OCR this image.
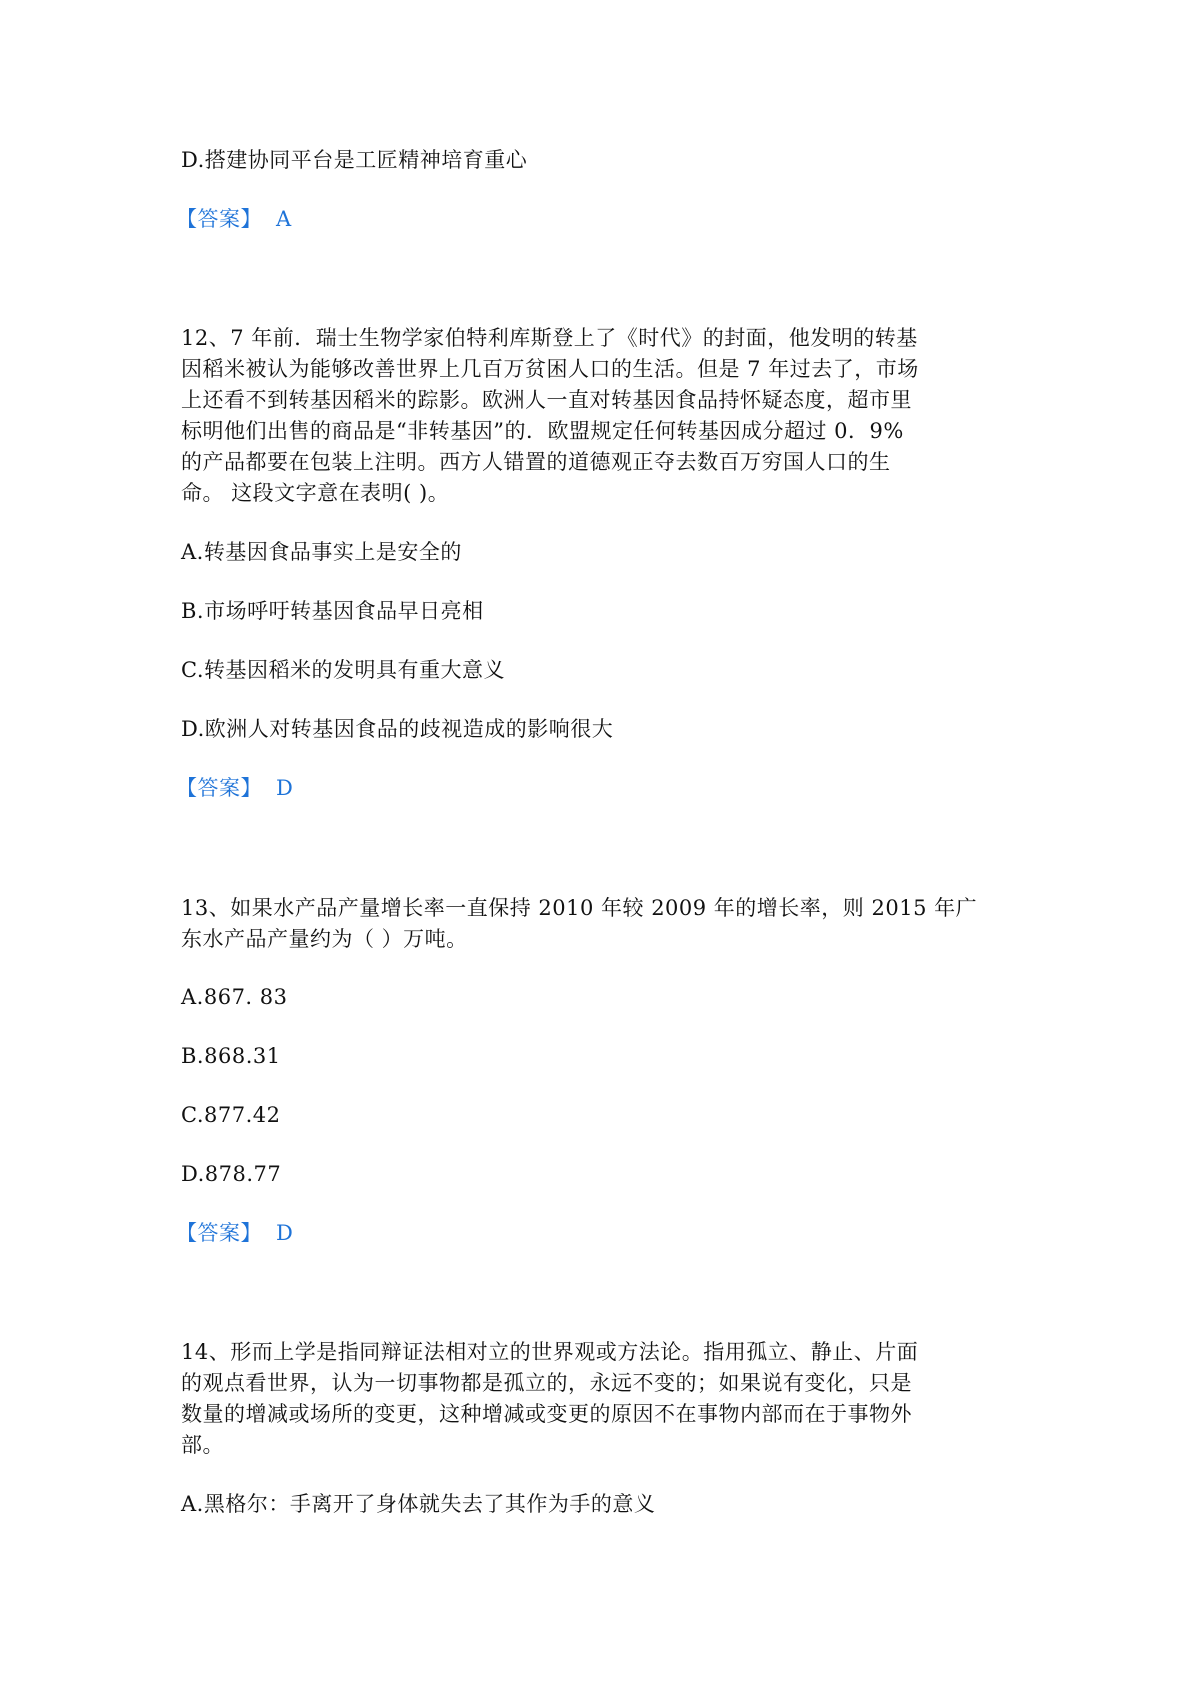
D.搭建协同平台是工匠精神培育重心
【答案】 A
12、7 年前．瑞士生物学家伯特利库斯登上了《时代》的封面，他发明的转基
因稻米被认为能够改善世界上几百万贫困人口的生活。但是 7 年过去了，市场
上还看不到转基因稻米的踪影。欧洲人一直对转基因食品持怀疑态度，超市里
标明他们出售的商品是“非转基因”的．欧盟规定任何转基因成分超过 0．9%
的产品都要在包装上注明。西方人错置的道德观正夺去数百万穷国人口的生
命。 这段文字意在表明( )。
A.转基因食品事实上是安全的
B.市场呼吁转基因食品早日亮相
C.转基因稻米的发明具有重大意义
D.欧洲人对转基因食品的歧视造成的影响很大
【答案】 D
13、如果水产品产量增长率一直保持 2010 年较 2009 年的增长率，则 2015 年广
东水产品产量约为（ ）万吨。
A.867. 83
B.868.31
C.877.42
D.878.77
【答案】 D
14、形而上学是指同辩证法相对立的世界观或方法论。指用孤立、静止、片面
的观点看世界，认为一切事物都是孤立的，永远不变的；如果说有变化，只是
数量的增减或场所的变更，这种增减或变更的原因不在事物内部而在于事物外
部。
A.黑格尔：手离开了身体就失去了其作为手的意义
